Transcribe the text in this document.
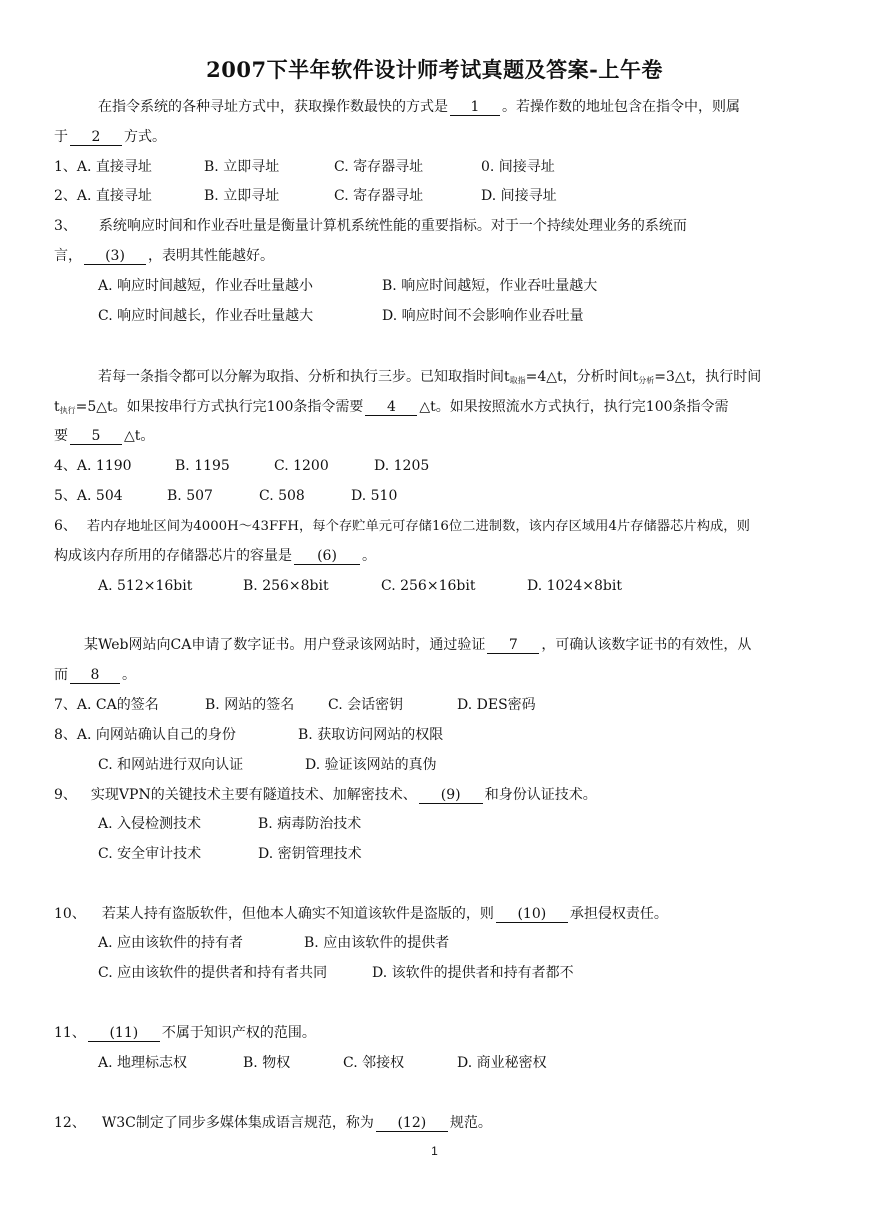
2007下半年软件设计师考试真题及答案-上午卷
在指令系统的各种寻址方式中，获取操作数最快的方式是 1 。若操作数的地址包含在指令中，则属
于 2 方式。
1、A. 直接寻址	B. 立即寻址	C. 寄存器寻址	0. 间接寻址
2、A. 直接寻址	B. 立即寻址	C. 寄存器寻址	D. 间接寻址
3、 系统响应时间和作业吞吐量是衡量计算机系统性能的重要指标。对于一个持续处理业务的系统而
言， (3) ，表明其性能越好。
A. 响应时间越短，作业吞吐量越小	B. 响应时间越短，作业吞吐量越大
C. 响应时间越长，作业吞吐量越大	D. 响应时间不会影响作业吞吐量
若每一条指令都可以分解为取指、分析和执行三步。已知取指时间$t_{取指}=4\triangle t$，分析时间$t_{分析}=3\triangle t$，执行时间
$t_{执行}=5\triangle t$。如果按串行方式执行完100条指令需要 4 △t。如果按照流水方式执行，执行完100条指令需
要 5 △t。
4、A. 1190	B. 1195	C. 1200	D. 1205
5、A. 504	B. 507	C. 508	D. 510
6、 若内存地址区间为4000H～43FFH，每个存贮单元可存储16位二进制数，该内存区域用4片存储器芯片构成，则
构成该内存所用的存储器芯片的容量是 (6) 。
A. 512×16bit	B. 256×8bit	C. 256×16bit	D. 1024×8bit
某Web网站向CA申请了数字证书。用户登录该网站时，通过验证 7 ，可确认该数字证书的有效性，从
而 8 。
7、A. CA的签名	B. 网站的签名 C. 会话密钥	D. DES密码
8、A. 向网站确认自己的身份	B. 获取访问网站的权限
C. 和网站进行双向认证	D. 验证该网站的真伪
9、 实现VPN的关键技术主要有隧道技术、加解密技术、 (9) 和身份认证技术。
A. 入侵检测技术	B. 病毒防治技术
C. 安全审计技术	D. 密钥管理技术
10、 若某人持有盗版软件，但他本人确实不知道该软件是盗版的，则 (10) 承担侵权责任。
A. 应由该软件的持有者	B. 应由该软件的提供者
C. 应由该软件的提供者和持有者共同	D. 该软件的提供者和持有者都不
11、 (11) 不属于知识产权的范围。
A. 地理标志权	B. 物权	C. 邻接权	D. 商业秘密权
12、 W3C制定了同步多媒体集成语言规范，称为 (12) 规范。
1
